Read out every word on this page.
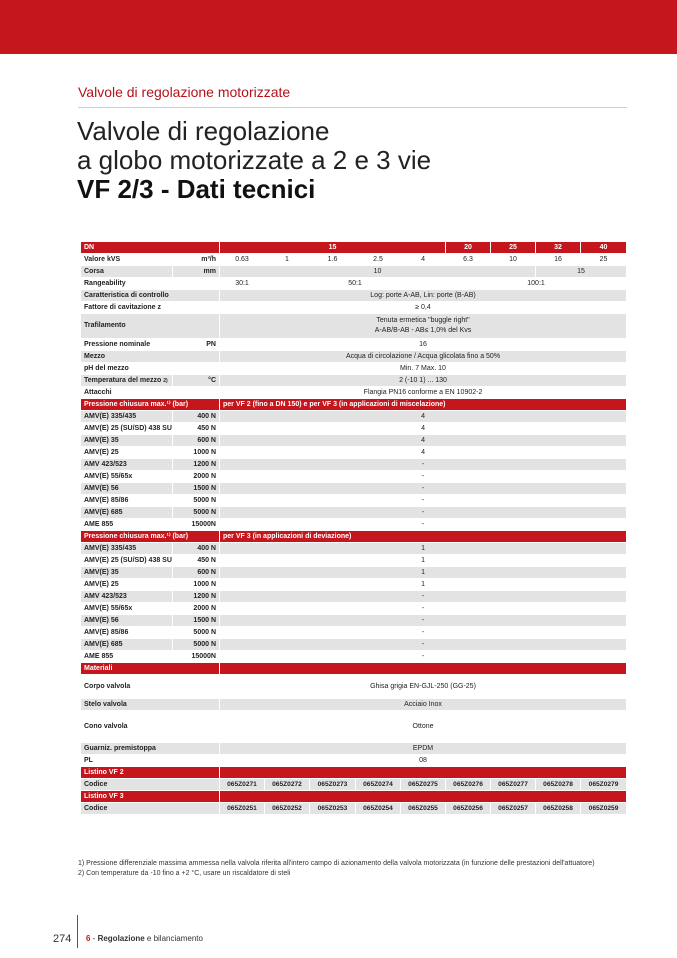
Valvole di regolazione motorizzate
Valvole di regolazione
a globo motorizzate a 2 e 3 vie
VF 2/3 - Dati tecnici
DN		15					20	25	32	40
Valore kVS	m³/h	0.63	1	1.6	2.5	4	6.3	10	16	25
Corsa	mm	10							15	
Rangeability		30:1	50:1				100:1			
Caratteristica di controllo		Log: porte A-AB, Lin: porte (B-AB)								
Fattore di cavitazione z		≥ 0,4								
Trafilamento		Tenuta ermetica "buggle right"
A-AB/B-AB - AB≤ 1,0% del Kvs								

Pressione nominale	PN	16								
Mezzo		Acqua di circolazione / Acqua glicolata fino a 50%								
pH del mezzo		Min. 7 Max. 10								
Temperatura del mezzo 2)	°C	2 (-10 1) ... 130								
Attacchi		Flangia PN16 conforme a EN 10902-2								
Pressione chiusura max.¹⁾ (bar)		per VF 2 (fino a DN 150) e per VF 3 (in applicazioni di miscelazione)								
AMV(E) 335/435	400 N	4								
AMV(E) 25 (SU/SD) 438 SU	450 N	4								
AMV(E) 35	600 N	4								
AMV(E) 25	1000 N	4								
AMV 423/523	1200 N	-								
AMV(E) 55/65x	2000 N	-								
AMV(E) 56	1500 N	-								
AMV(E) 85/86	5000 N	-								
AMV(E) 685	5000 N	-								
AME 855	15000N	-								
Pressione chiusura max.¹⁾ (bar)		per VF 3 (in applicazioni di deviazione)								
AMV(E) 335/435	400 N	1								
AMV(E) 25 (SU/SD) 438 SU	450 N	1								
AMV(E) 35	600 N	1								
AMV(E) 25	1000 N	1								
AMV 423/523	1200 N	-								
AMV(E) 55/65x	2000 N	-								
AMV(E) 56	1500 N	-								
AMV(E) 85/86	5000 N	-								
AMV(E) 685	5000 N	-								
AME 855	15000N	-								
Materiali										
Corpo valvola		Ghisa grigia EN-GJL-250 (GG-25)								
Stelo valvola		Acciaio Inox								
Cono valvola		Ottone								
Guarniz. premistoppa		EPDM								
PL		08								
Listino VF 2										
Codice		065Z0271	065Z0272	065Z0273	065Z0274	065Z0275	065Z0276	065Z0277	065Z0278	065Z0279
Listino VF 3										
Codice		065Z0251	065Z0252	065Z0253	065Z0254	065Z0255	065Z0256	065Z0257	065Z0258	065Z0259
1) Pressione differenziale massima ammessa nella valvola riferita all'intero campo di azionamento della valvola motorizzata (in funzione delle prestazioni dell'attuatore)
2) Con temperature da -10 fino a +2 °C, usare un riscaldatore di steli
274 6 - Regolazione e bilanciamento
